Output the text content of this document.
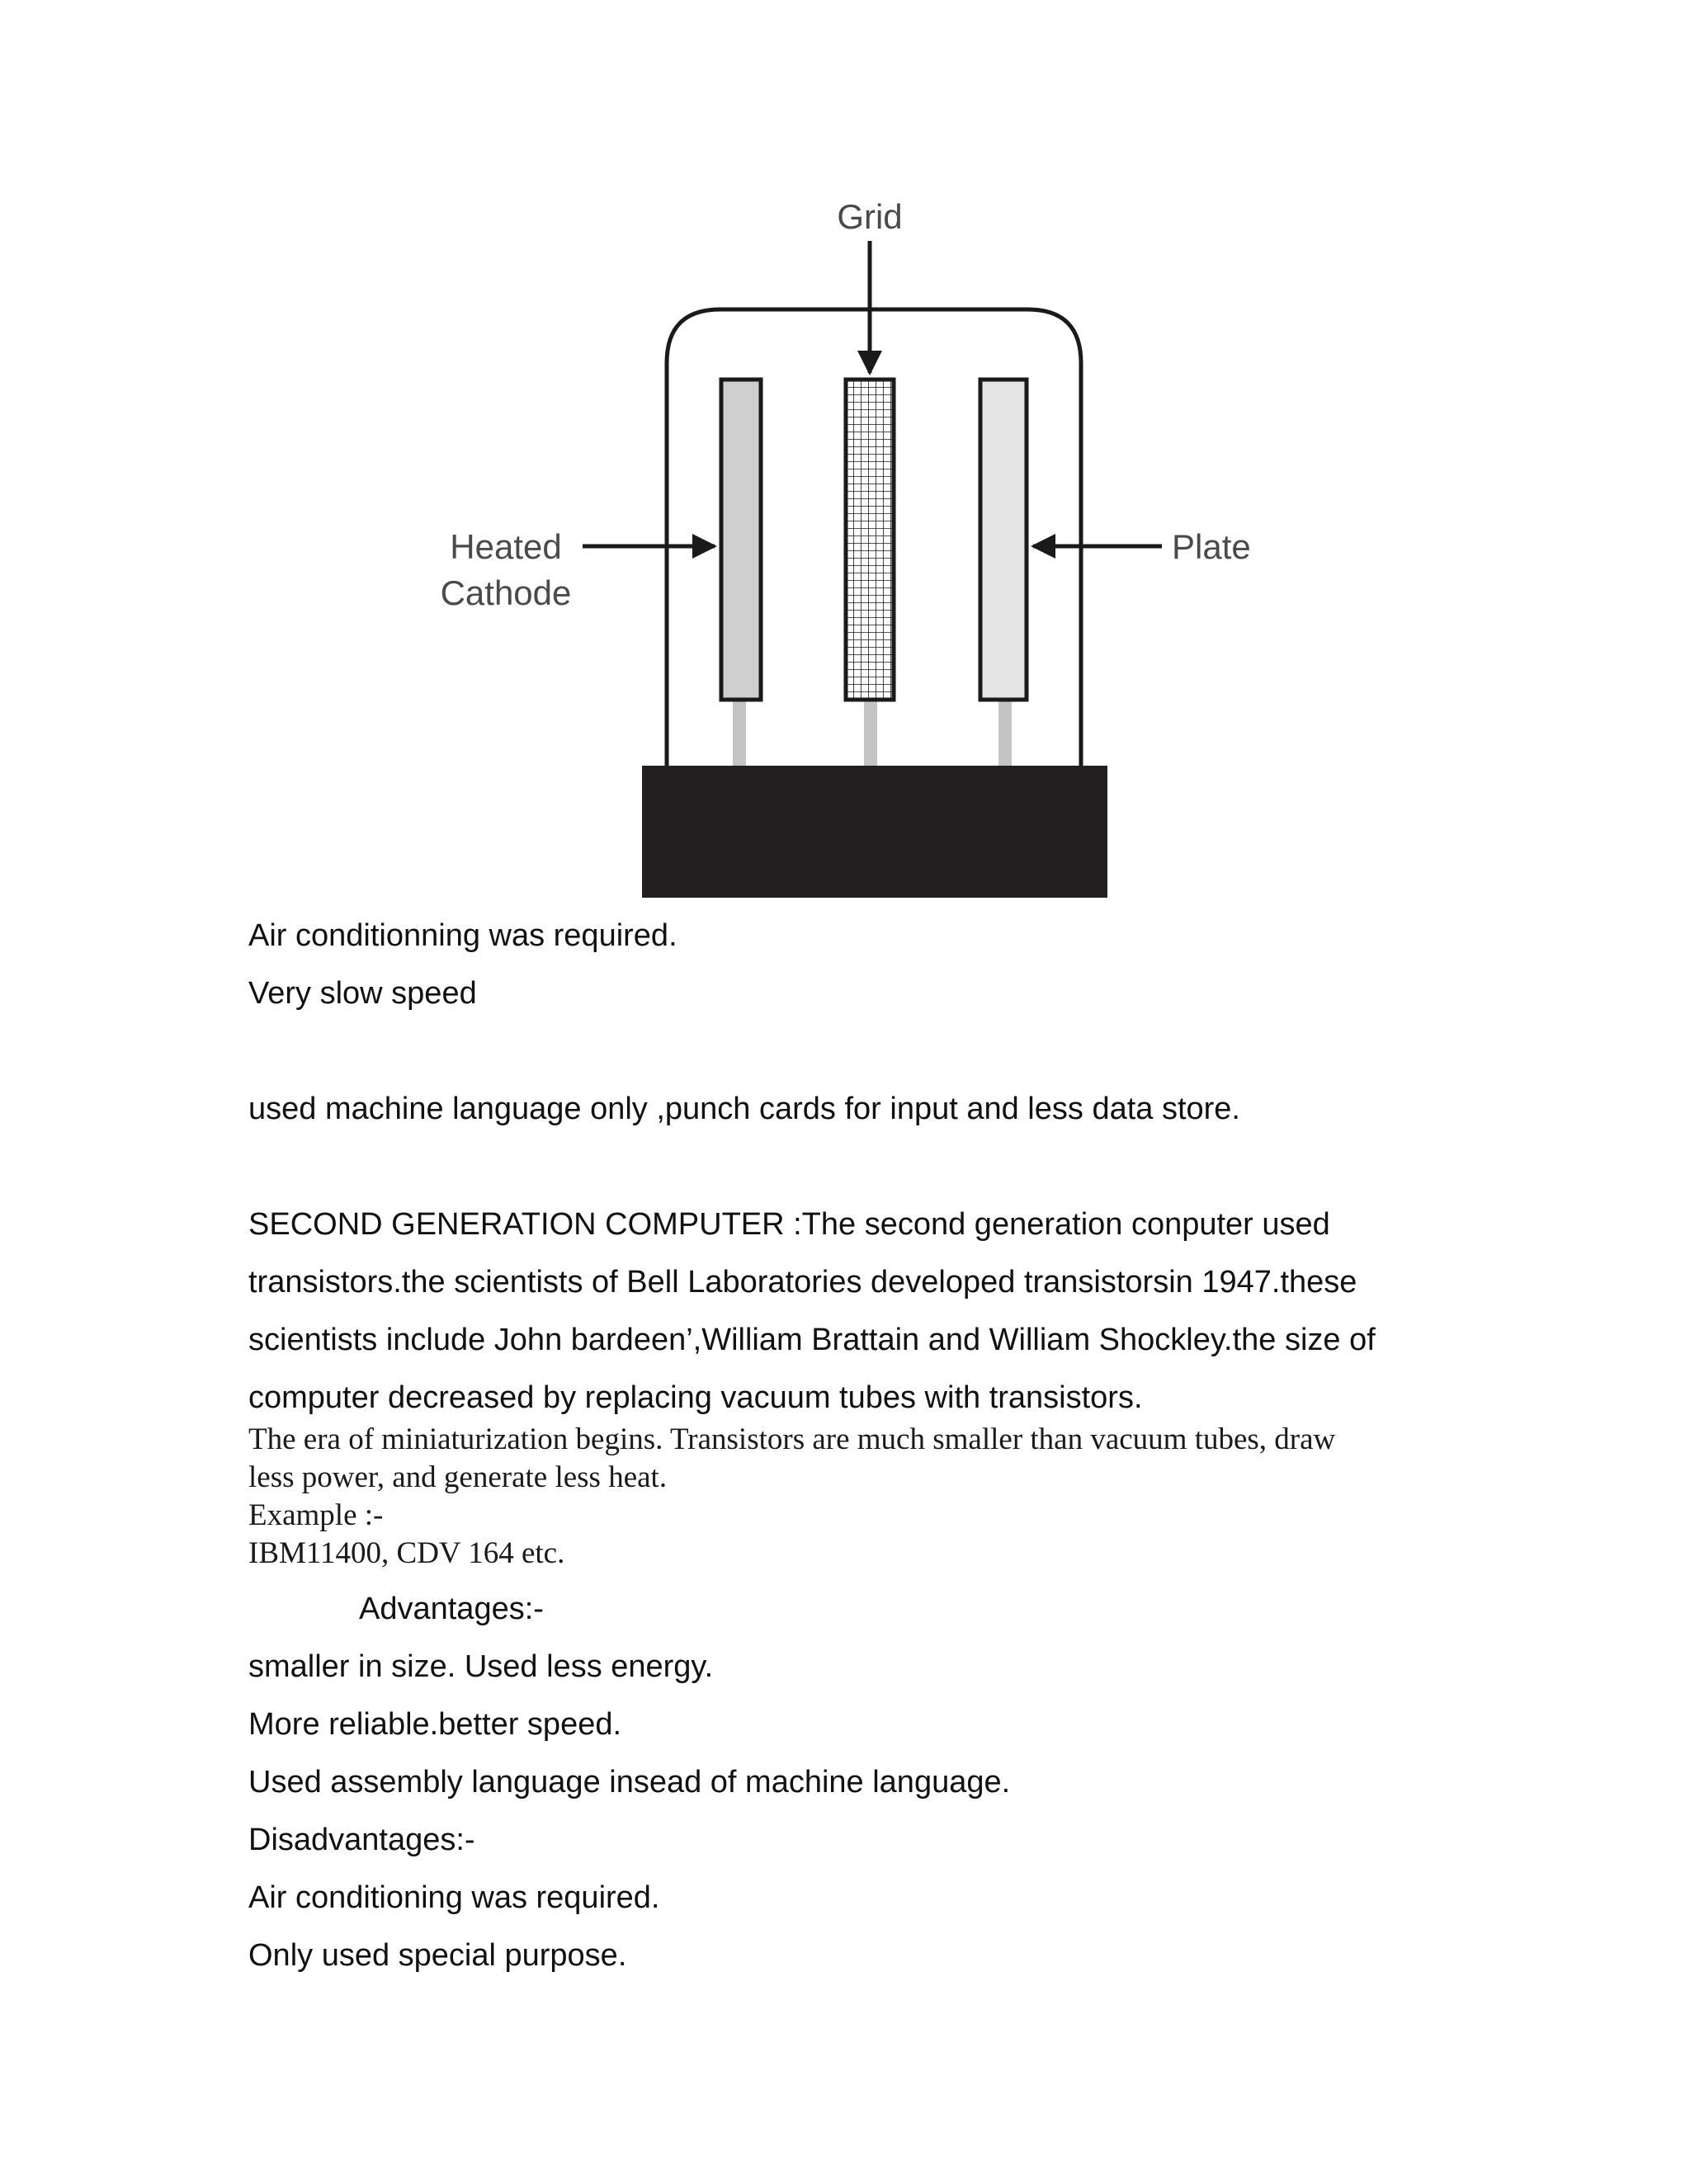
Grid
Heated
Cathode
Plate
Air conditionning was required.
Very slow speed
used machine language only ,punch cards for input and less data store.
SECOND GENERATION COMPUTER :The second generation conputer used
transistors.the scientists of Bell Laboratories developed transistorsin 1947.these
scientists include John bardeen’,William Brattain and William Shockley.the size of
computer decreased by replacing vacuum tubes with transistors.
The era of miniaturization begins. Transistors are much smaller than vacuum tubes, draw
less power, and generate less heat.
Example :-
IBM11400, CDV 164 etc.
Advantages:-
smaller in size. Used less energy.
More reliable.better speed.
Used assembly language insead of machine language.
Disadvantages:-
Air conditioning was required.
Only used special purpose.
